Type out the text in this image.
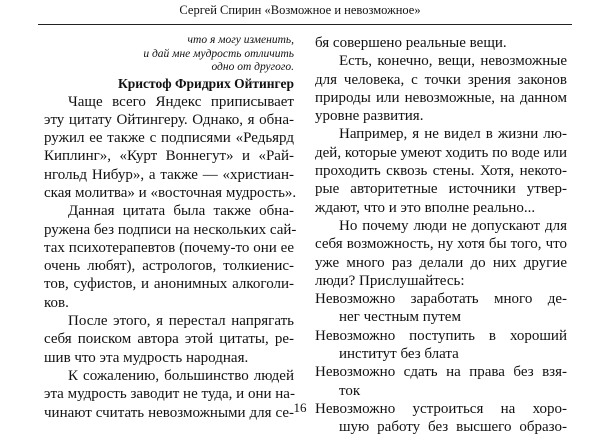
Сергей Спирин «Возможное и невозможное»
что я могу изменить,
и дай мне мудрость отличить
одно от другого.
Кристоф Фридрих Ойтингер
Чаще всего Яндекс приписывает
эту цитату Ойтингеру. Однако, я обна-
ружил ее также с подписями «Редьярд
Киплинг», «Курт Воннегут» и «Рай-
нгольд Нибур», а также — «христиан-
ская молитва» и «восточная мудрость».
Данная цитата была также обна-
ружена без подписи на нескольких сай-
тах психотерапевтов (почему-то они ее
очень любят), астрологов, толкиенис-
тов, суфистов, и анонимных алкоголи-
ков.
После этого, я перестал напрягать
себя поиском автора этой цитаты, ре-
шив что эта мудрость народная.
К сожалению, большинство людей
эта мудрость заводит не туда, и они на-
чинают считать невозможными для се-
бя совершено реальные вещи.
Есть, конечно, вещи, невозможные
для человека, с точки зрения законов
природы или невозможные, на данном
уровне развития.
Например, я не видел в жизни лю-
дей, которые умеют ходить по воде или
проходить сквозь стены. Хотя, некото-
рые авторитетные источники утвер-
ждают, что и это вполне реально...
Но почему люди не допускают для
себя возможность, ну хотя бы того, что
уже много раз делали до них другие
люди? Прислушайтесь:
Невозможно заработать много де-
нег честным путем
Невозможно поступить в хороший
институт без блата
Невозможно сдать на права без взя-
ток
Невозможно устроиться на хоро-
шую работу без высшего образо-
16
